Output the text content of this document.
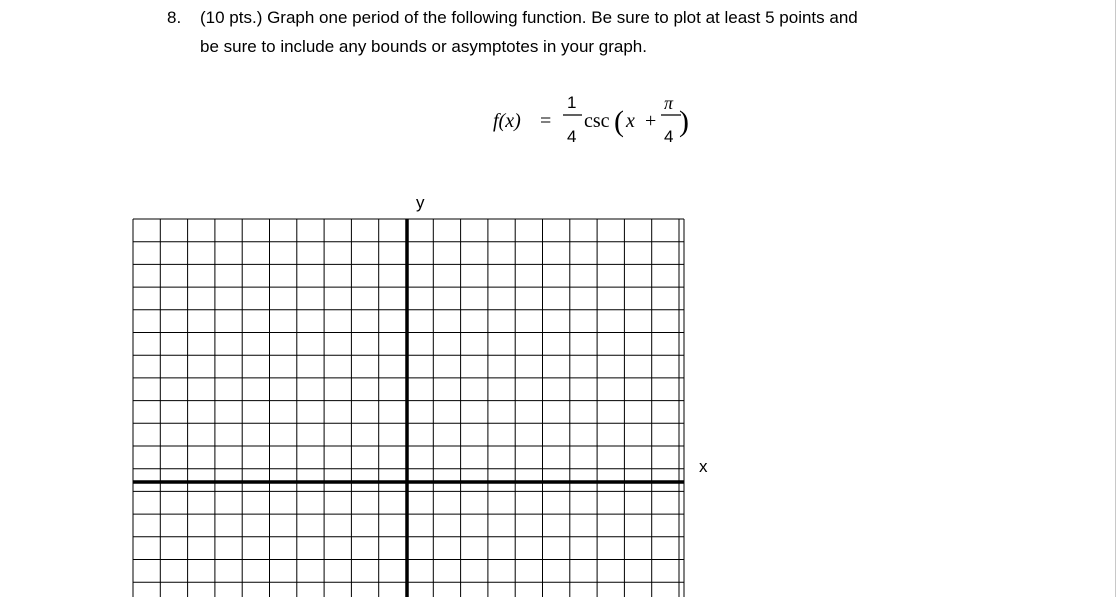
8. (10 pts.) Graph one period of the following function. Be sure to plot at least 5 points and
be sure to include any bounds or asymptotes in your graph.
f(x) =
1
4
csc ( x +
π
4 )
y
x
